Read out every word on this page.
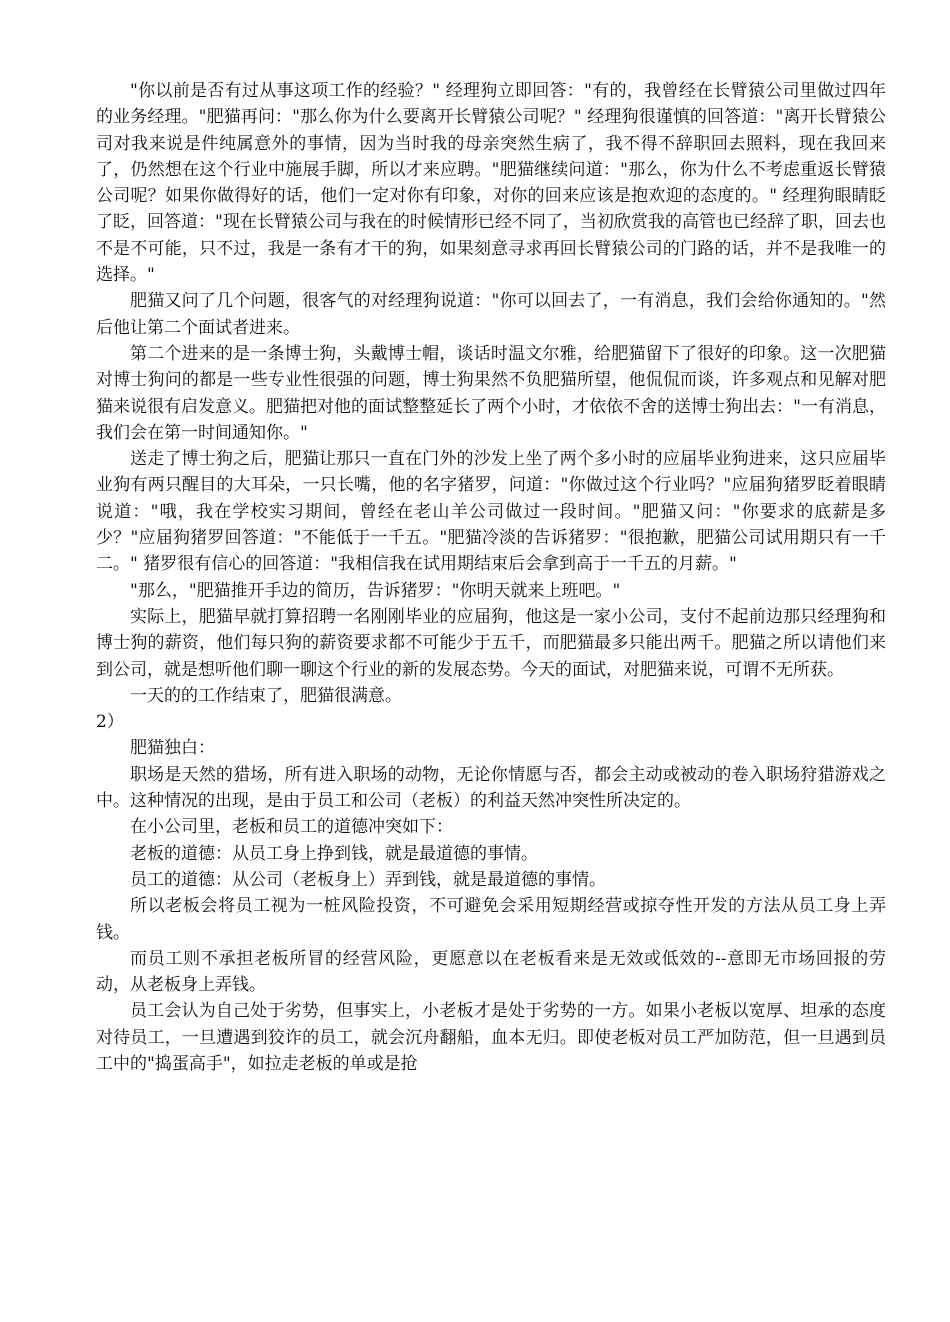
"你以前是否有过从事这项工作的经验？" 经理狗立即回答："有的，我曾经在长臂猿公司里做过四年的业务经理。"肥猫再问："那么你为什么要离开长臂猿公司呢？" 经理狗很谨慎的回答道："离开长臂猿公司对我来说是件纯属意外的事情，因为当时我的母亲突然生病了，我不得不辞职回去照料，现在我回来了，仍然想在这个行业中施展手脚，所以才来应聘。"肥猫继续问道："那么，你为什么不考虑重返长臂猿公司呢？如果你做得好的话，他们一定对你有印象，对你的回来应该是抱欢迎的态度的。" 经理狗眼睛眨了眨，回答道："现在长臂猿公司与我在的时候情形已经不同了，当初欣赏我的高管也已经辞了职，回去也不是不可能，只不过，我是一条有才干的狗，如果刻意寻求再回长臂猿公司的门路的话，并不是我唯一的选择。"

肥猫又问了几个问题，很客气的对经理狗说道："你可以回去了，一有消息，我们会给你通知的。"然后他让第二个面试者进来。

第二个进来的是一条博士狗，头戴博士帽，谈话时温文尔雅，给肥猫留下了很好的印象。这一次肥猫对博士狗问的都是一些专业性很强的问题，博士狗果然不负肥猫所望，他侃侃而谈，许多观点和见解对肥猫来说很有启发意义。肥猫把对他的面试整整延长了两个小时，才依依不舍的送博士狗出去："一有消息，我们会在第一时间通知你。"

送走了博士狗之后，肥猫让那只一直在门外的沙发上坐了两个多小时的应届毕业狗进来，这只应届毕业狗有两只醒目的大耳朵，一只长嘴，他的名字猪罗，问道："你做过这个行业吗？"应届狗猪罗眨着眼睛说道："哦，我在学校实习期间，曾经在老山羊公司做过一段时间。"肥猫又问："你要求的底薪是多少？"应届狗猪罗回答道："不能低于一千五。"肥猫冷淡的告诉猪罗："很抱歉，肥猫公司试用期只有一千二。" 猪罗很有信心的回答道："我相信我在试用期结束后会拿到高于一千五的月薪。"

"那么，"肥猫推开手边的简历，告诉猪罗："你明天就来上班吧。"

实际上，肥猫早就打算招聘一名刚刚毕业的应届狗，他这是一家小公司，支付不起前边那只经理狗和博士狗的薪资，他们每只狗的薪资要求都不可能少于五千，而肥猫最多只能出两千。肥猫之所以请他们来到公司，就是想听他们聊一聊这个行业的新的发展态势。今天的面试，对肥猫来说，可谓不无所获。

一天的的工作结束了，肥猫很满意。

2）

肥猫独白：

职场是天然的猎场，所有进入职场的动物，无论你情愿与否，都会主动或被动的卷入职场狩猎游戏之中。这种情况的出现，是由于员工和公司（老板）的利益天然冲突性所决定的。

在小公司里，老板和员工的道德冲突如下：

老板的道德：从员工身上挣到钱，就是最道德的事情。

员工的道德：从公司（老板身上）弄到钱，就是最道德的事情。

所以老板会将员工视为一桩风险投资，不可避免会采用短期经营或掠夺性开发的方法从员工身上弄钱。

而员工则不承担老板所冒的经营风险，更愿意以在老板看来是无效或低效的--意即无市场回报的劳动，从老板身上弄钱。

员工会认为自己处于劣势，但事实上，小老板才是处于劣势的一方。如果小老板以宽厚、坦承的态度对待员工，一旦遭遇到狡诈的员工，就会沉舟翻船，血本无归。即使老板对员工严加防范，但一旦遇到员工中的"捣蛋高手"，如拉走老板的单或是抢
